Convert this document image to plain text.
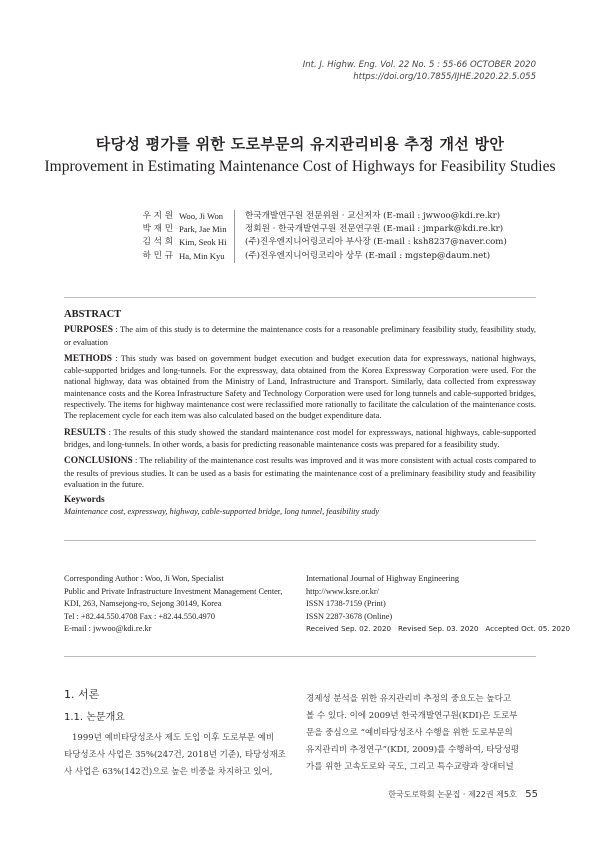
Int. J. Highw. Eng. Vol. 22 No. 5 : 55-66 OCTOBER 2020
https://doi.org/10.7855/IJHE.2020.22.5.055
타당성 평가를 위한 도로부문의 유지관리비용 추정 개선 방안
Improvement in Estimating Maintenance Cost of Highways for Feasibility Studies
우 지 원 Woo, Ji Won	한국개발연구원 전문위원 · 교신저자 (E-mail : jwwoo@kdi.re.kr)
박 재 민 Park, Jae Min	정회원 · 한국개발연구원 전문연구원 (E-mail : jmpark@kdi.re.kr)
김 석 희 Kim, Seok Hi	(주)진우엔지니어링코리아 부사장 (E-mail : ksh8237@naver.com)
하 민 규 Ha, Min Kyu	(주)진우엔지니어링코리아 상무 (E-mail : mgstep@daum.net)
ABSTRACT

PURPOSES : The aim of this study is to determine the maintenance costs for a reasonable preliminary feasibility study, feasibility study, or evaluation

METHODS : This study was based on government budget execution and budget execution data for expressways, national highways, cable-supported bridges and long-tunnels. For the expressway, data obtained from the Korea Expressway Corporation were used. For the national highway, data was obtained from the Ministry of Land, Infrastructure and Transport. Similarly, data collected from expressway maintenance costs and the Korea Infrastructure Safety and Technology Corporation were used for long tunnels and cable-supported bridges, respectively. The items for highway maintenance cost were reclassified more rationally to facilitate the calculation of the maintenance costs. The replacement cycle for each item was also calculated based on the budget expenditure data.

RESULTS : The results of this study showed the standard maintenance cost model for expressways, national highways, cable-supported bridges, and long-tunnels. In other words, a basis for predicting reasonable maintenance costs was prepared for a feasibility study.

CONCLUSIONS : The reliability of the maintenance cost results was improved and it was more consistent with actual costs compared to the results of previous studies. It can be used as a basis for estimating the maintenance cost of a preliminary feasibility study and feasibility evaluation in the future.

Keywords
Maintenance cost, expressway, highway, cable-supported bridge, long tunnel, feasibility study
Corresponding Author : Woo, Ji Won, Specialist
Public and Private Infrastructure Investment Management Center,
KDI, 263, Namsejong-ro, Sejong 30149, Korea
Tel : +82.44.550.4708 Fax : +82.44.550.4970
E-mail : jwwoo@kdi.re.kr
International Journal of Highway Engineering
http://www.ksre.or.kr/
ISSN 1738-7159 (Print)
ISSN 2287-3678 (Online)
Received Sep. 02. 2020 Revised Sep. 03. 2020 Accepted Oct. 05. 2020
1. 서론
1.1. 논문개요
1999년 예비타당성조사 제도 도입 이후 도로부문 예비
타당성조사 사업은 35%(247건, 2018년 기준), 타당성재조
사 사업은 63%(142건)으로 높은 비중을 차지하고 있어,
경제성 분석을 위한 유지관리비 추정의 중요도는 높다고
볼 수 있다. 이에 2009년 한국개발연구원(KDI)은 도로부
문을 중심으로 “예비타당성조사 수행을 위한 도로부문의
유지관리비 추정연구”(KDI, 2009)를 수행하여, 타당성평
가를 위한 고속도로와 국도, 그리고 특수교량과 장대터널
한국도로학회 논문집 · 제22권 제5호 55
